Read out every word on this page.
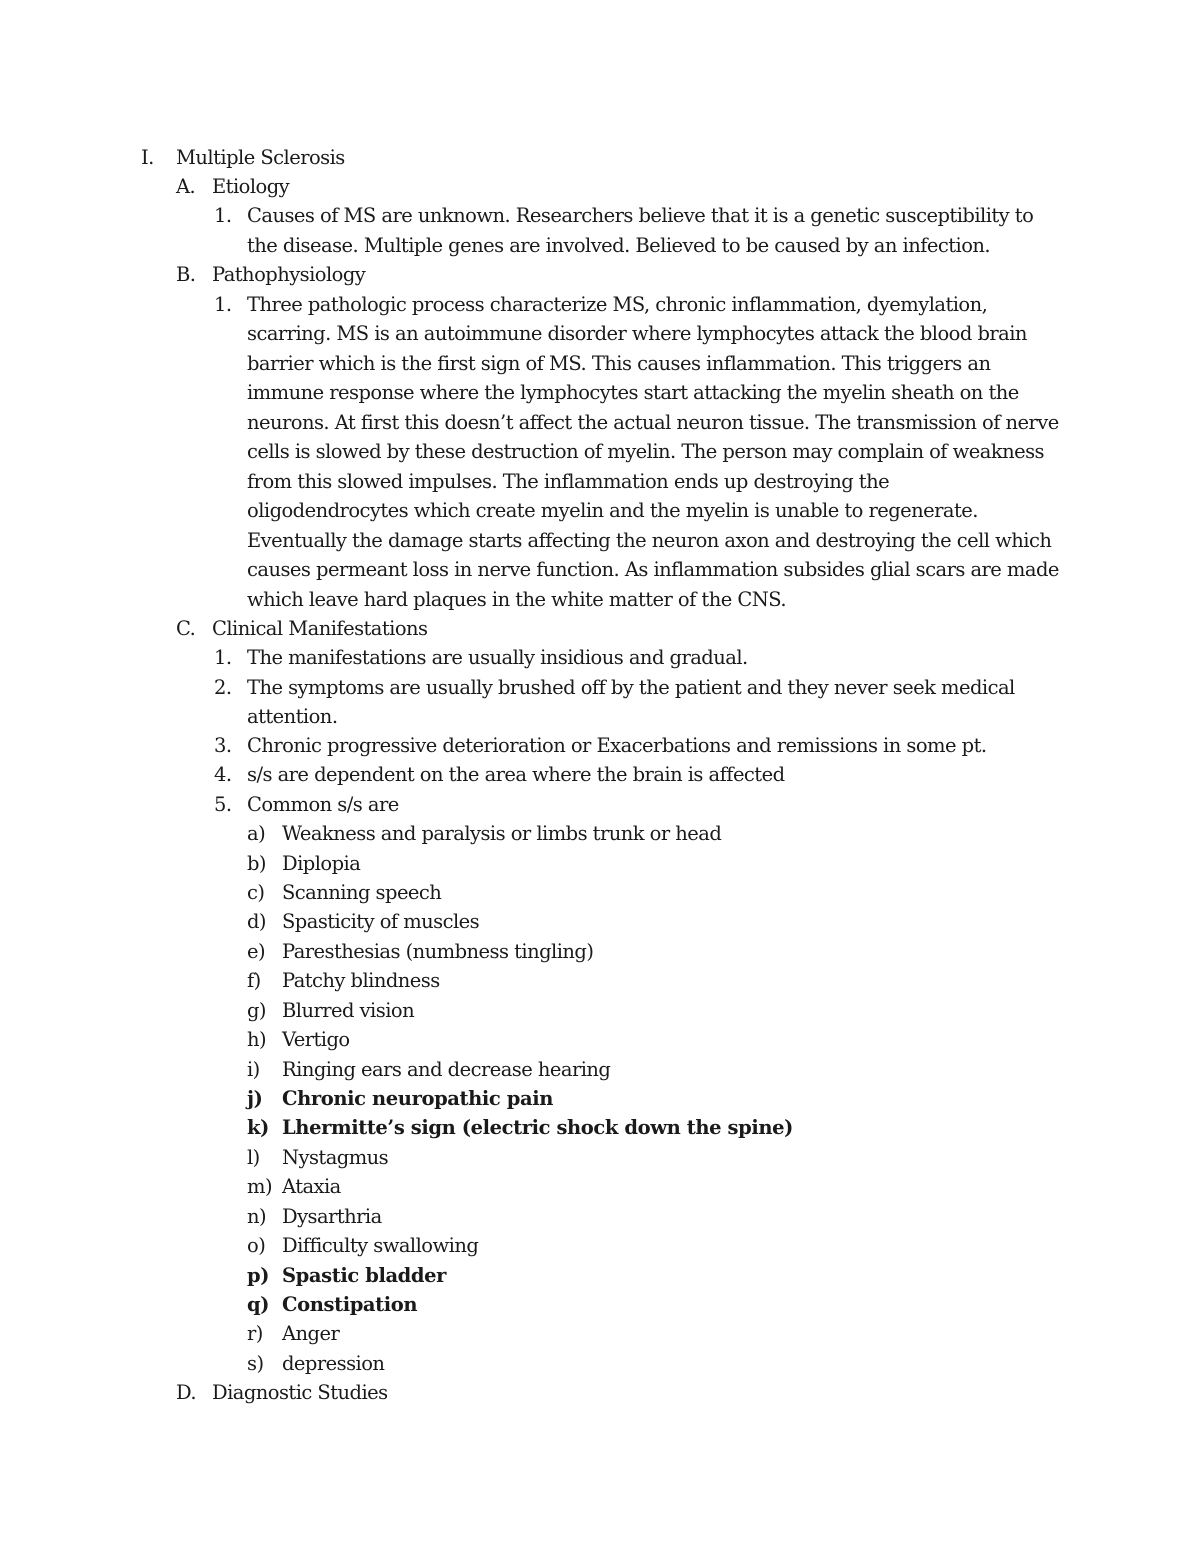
I. Multiple Sclerosis
A. Etiology
1. Causes of MS are unknown. Researchers believe that it is a genetic susceptibility to
the disease. Multiple genes are involved. Believed to be caused by an infection.
B. Pathophysiology
1. Three pathologic process characterize MS, chronic inflammation, dyemylation,
scarring. MS is an autoimmune disorder where lymphocytes attack the blood brain
barrier which is the first sign of MS. This causes inflammation. This triggers an
immune response where the lymphocytes start attacking the myelin sheath on the
neurons. At first this doesn’t affect the actual neuron tissue. The transmission of nerve
cells is slowed by these destruction of myelin. The person may complain of weakness
from this slowed impulses. The inflammation ends up destroying the
oligodendrocytes which create myelin and the myelin is unable to regenerate.
Eventually the damage starts affecting the neuron axon and destroying the cell which
causes permeant loss in nerve function. As inflammation subsides glial scars are made
which leave hard plaques in the white matter of the CNS.
C. Clinical Manifestations
1. The manifestations are usually insidious and gradual.
2. The symptoms are usually brushed off by the patient and they never seek medical
attention.
3. Chronic progressive deterioration or Exacerbations and remissions in some pt.
4. s/s are dependent on the area where the brain is affected
5. Common s/s are
a) Weakness and paralysis or limbs trunk or head
b) Diplopia
c) Scanning speech
d) Spasticity of muscles
e) Paresthesias (numbness tingling)
f) Patchy blindness
g) Blurred vision
h) Vertigo
i) Ringing ears and decrease hearing
j) Chronic neuropathic pain
k) Lhermitte’s sign (electric shock down the spine)
l) Nystagmus
m) Ataxia
n) Dysarthria
o) Difficulty swallowing
p) Spastic bladder
q) Constipation
r) Anger
s) depression
D. Diagnostic Studies
